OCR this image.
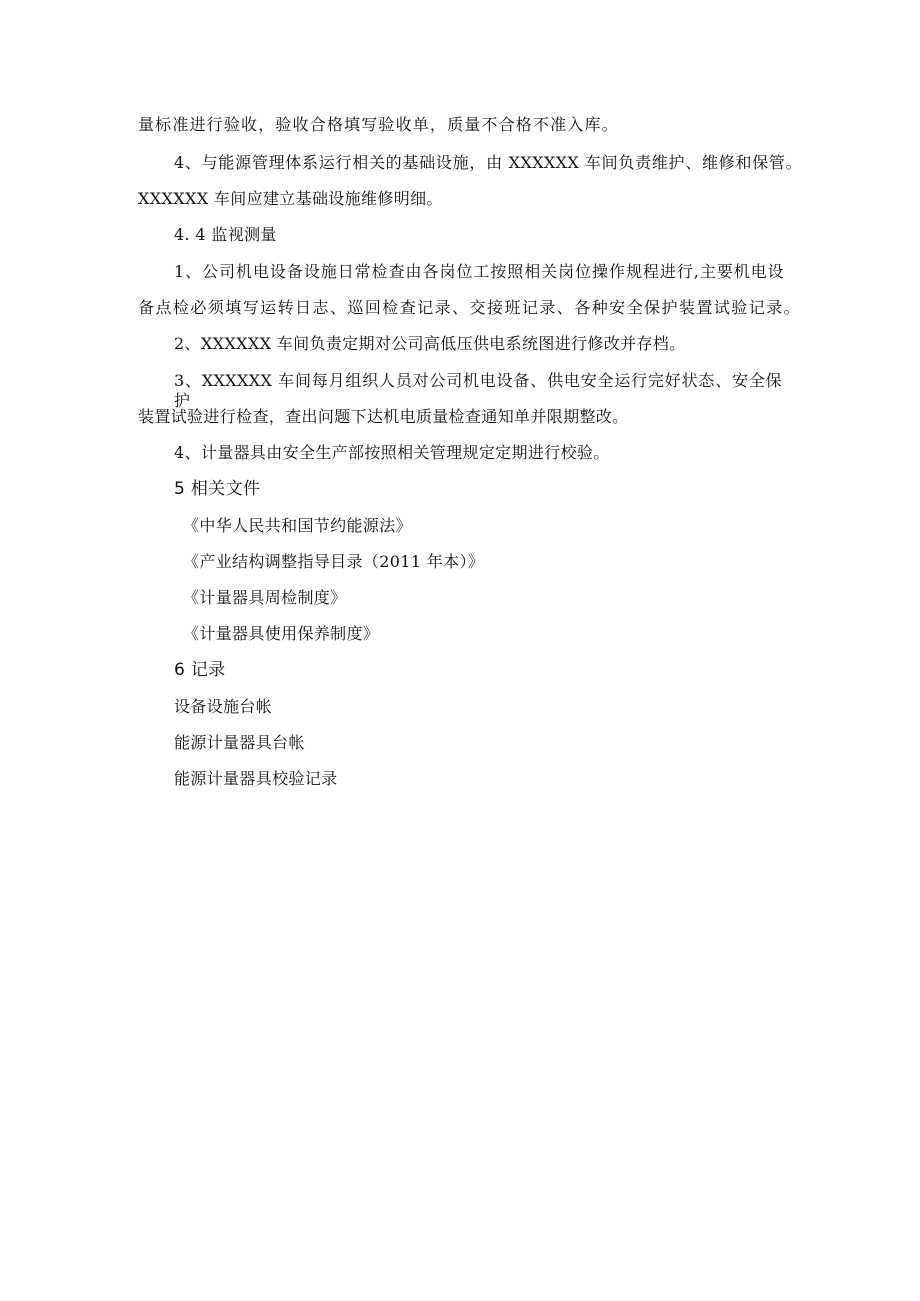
量标准进行验收，验收合格填写验收单，质量不合格不准入库。
4、与能源管理体系运行相关的基础设施，由 XXXXXX 车间负责维护、维修和保管。
XXXXXX 车间应建立基础设施维修明细。
4. 4 监视测量
1、公司机电设备设施日常检查由各岗位工按照相关岗位操作规程进行,主要机电设
备点检必须填写运转日志、巡回检查记录、交接班记录、各种安全保护装置试验记录。
2、XXXXXX 车间负责定期对公司高低压供电系统图进行修改并存档。
3、XXXXXX 车间每月组织人员对公司机电设备、供电安全运行完好状态、安全保护
装置试验进行检查，查出问题下达机电质量检查通知单并限期整改。
4、计量器具由安全生产部按照相关管理规定定期进行校验。
5 相关文件
《中华人民共和国节约能源法》
《产业结构调整指导目录（2011 年本）》
《计量器具周检制度》
《计量器具使用保养制度》
6 记录
设备设施台帐
能源计量器具台帐
能源计量器具校验记录
